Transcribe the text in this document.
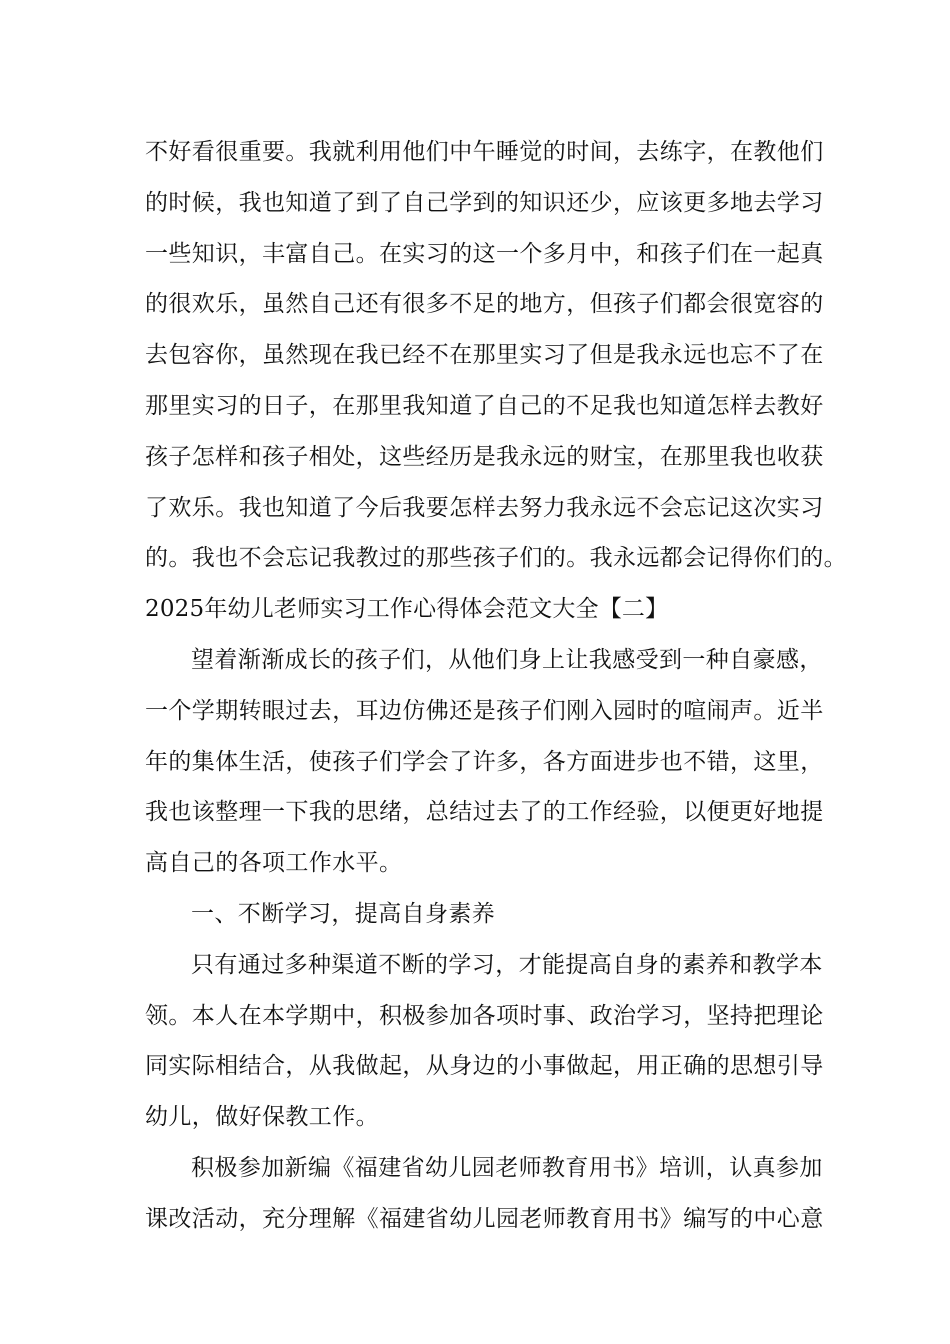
不好看很重要。我就利用他们中午睡觉的时间，去练字，在教他们
的时候，我也知道了到了自己学到的知识还少，应该更多地去学习
一些知识，丰富自己。在实习的这一个多月中，和孩子们在一起真
的很欢乐，虽然自己还有很多不足的地方，但孩子们都会很宽容的
去包容你，虽然现在我已经不在那里实习了但是我永远也忘不了在
那里实习的日子，在那里我知道了自己的不足我也知道怎样去教好
孩子怎样和孩子相处，这些经历是我永远的财宝，在那里我也收获
了欢乐。我也知道了今后我要怎样去努力我永远不会忘记这次实习
的。我也不会忘记我教过的那些孩子们的。我永远都会记得你们的。
2025年幼儿老师实习工作心得体会范文大全【二】
望着渐渐成长的孩子们，从他们身上让我感受到一种自豪感，
一个学期转眼过去，耳边仿佛还是孩子们刚入园时的喧闹声。近半
年的集体生活，使孩子们学会了许多，各方面进步也不错，这里，
我也该整理一下我的思绪，总结过去了的工作经验，以便更好地提
高自己的各项工作水平。
一、不断学习，提高自身素养
只有通过多种渠道不断的学习，才能提高自身的素养和教学本
领。本人在本学期中，积极参加各项时事、政治学习，坚持把理论
同实际相结合，从我做起，从身边的小事做起，用正确的思想引导
幼儿，做好保教工作。
积极参加新编《福建省幼儿园老师教育用书》培训，认真参加
课改活动，充分理解《福建省幼儿园老师教育用书》编写的中心意
